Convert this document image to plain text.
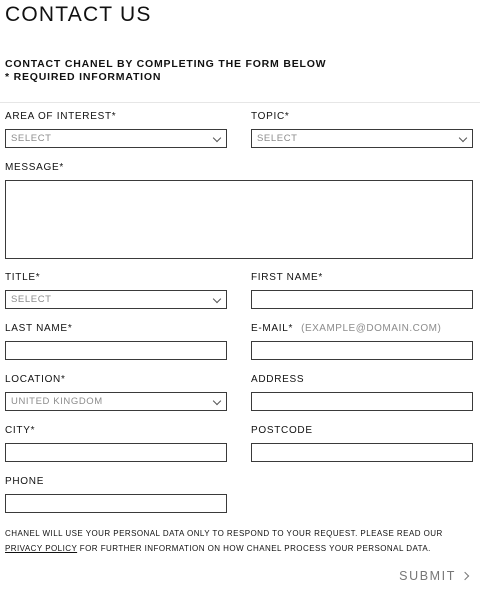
CONTACT US
CONTACT CHANEL BY COMPLETING THE FORM BELOW
* REQUIRED INFORMATION
AREA OF INTEREST*
SELECT
TOPIC*
SELECT
MESSAGE*
TITLE*
SELECT
FIRST NAME*
LAST NAME*	E-MAIL* (EXAMPLE@DOMAIN.COM)
LOCATION*
UNITED KINGDOM
ADDRESS
CITY*	POSTCODE
PHONE
CHANEL WILL USE YOUR PERSONAL DATA ONLY TO RESPOND TO YOUR REQUEST. PLEASE READ OUR PRIVACY POLICY FOR FURTHER INFORMATION ON HOW CHANEL PROCESS YOUR PERSONAL DATA.
SUBMIT
